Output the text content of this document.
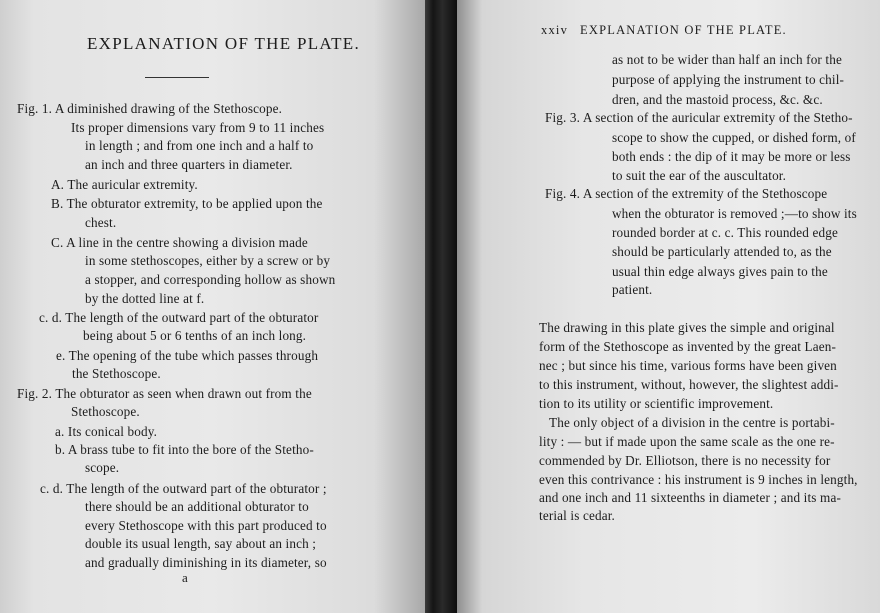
EXPLANATION OF THE PLATE.
Fig. 1. A diminished drawing of the Stethoscope.
Its proper dimensions vary from 9 to 11 inches
in length ; and from one inch and a half to
an inch and three quarters in diameter.
A. The auricular extremity.
B. The obturator extremity, to be applied upon the
chest.
C. A line in the centre showing a division made
in some stethoscopes, either by a screw or by
a stopper, and corresponding hollow as shown
by the dotted line at f.
c. d. The length of the outward part of the obturator
being about 5 or 6 tenths of an inch long.
e. The opening of the tube which passes through
the Stethoscope.
Fig. 2. The obturator as seen when drawn out from the
Stethoscope.
a. Its conical body.
b. A brass tube to fit into the bore of the Stetho-
scope.
c. d. The length of the outward part of the obturator ;
there should be an additional obturator to
every Stethoscope with this part produced to
double its usual length, say about an inch ;
and gradually diminishing in its diameter, so
a
xxiv EXPLANATION OF THE PLATE.
as not to be wider than half an inch for the
purpose of applying the instrument to chil-
dren, and the mastoid process, &c. &c.
Fig. 3. A section of the auricular extremity of the Stetho-
scope to show the cupped, or dished form, of
both ends : the dip of it may be more or less
to suit the ear of the auscultator.
Fig. 4. A section of the extremity of the Stethoscope
when the obturator is removed ;—to show its
rounded border at c. c. This rounded edge
should be particularly attended to, as the
usual thin edge always gives pain to the
patient.
The drawing in this plate gives the simple and original
form of the Stethoscope as invented by the great Laen-
nec ; but since his time, various forms have been given
to this instrument, without, however, the slightest addi-
tion to its utility or scientific improvement.
The only object of a division in the centre is portabi-
lity : — but if made upon the same scale as the one re-
commended by Dr. Elliotson, there is no necessity for
even this contrivance : his instrument is 9 inches in length,
and one inch and 11 sixteenths in diameter ; and its ma-
terial is cedar.
